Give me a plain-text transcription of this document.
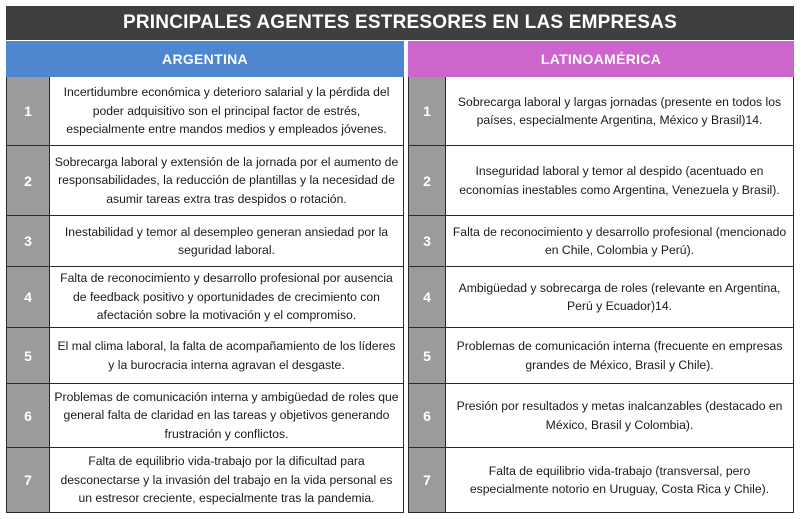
PRINCIPALES AGENTES ESTRESORES EN LAS EMPRESAS
ARGENTINA
1
Incertidumbre económica y deterioro salarial y la pérdida del poder adquisitivo son el principal factor de estrés, especialmente entre mandos medios y empleados jóvenes.
2
Sobrecarga laboral y extensión de la jornada por el aumento de responsabilidades, la reducción de plantillas y la necesidad de asumir tareas extra tras despidos o rotación.
3
Inestabilidad y temor al desempleo generan ansiedad por la seguridad laboral.
4
Falta de reconocimiento y desarrollo profesional por ausencia de feedback positivo y oportunidades de crecimiento con afectación sobre la motivación y el compromiso.
5
El mal clima laboral, la falta de acompañamiento de los líderes y la burocracia interna agravan el desgaste.
6
Problemas de comunicación interna y ambigüedad de roles que general falta de claridad en las tareas y objetivos generando frustración y conflictos.
7
Falta de equilibrio vida-trabajo por la dificultad para desconectarse y la invasión del trabajo en la vida personal es un estresor creciente, especialmente tras la pandemia.
LATINOAMÉRICA
1
Sobrecarga laboral y largas jornadas (presente en todos los países, especialmente Argentina, México y Brasil)14.
2
Inseguridad laboral y temor al despido (acentuado en economías inestables como Argentina, Venezuela y Brasil).
3
Falta de reconocimiento y desarrollo profesional (mencionado en Chile, Colombia y Perú).
4
Ambigüedad y sobrecarga de roles (relevante en Argentina, Perú y Ecuador)14.
5
Problemas de comunicación interna (frecuente en empresas grandes de México, Brasil y Chile).
6
Presión por resultados y metas inalcanzables (destacado en México, Brasil y Colombia).
7
Falta de equilibrio vida-trabajo (transversal, pero especialmente notorio en Uruguay, Costa Rica y Chile).
